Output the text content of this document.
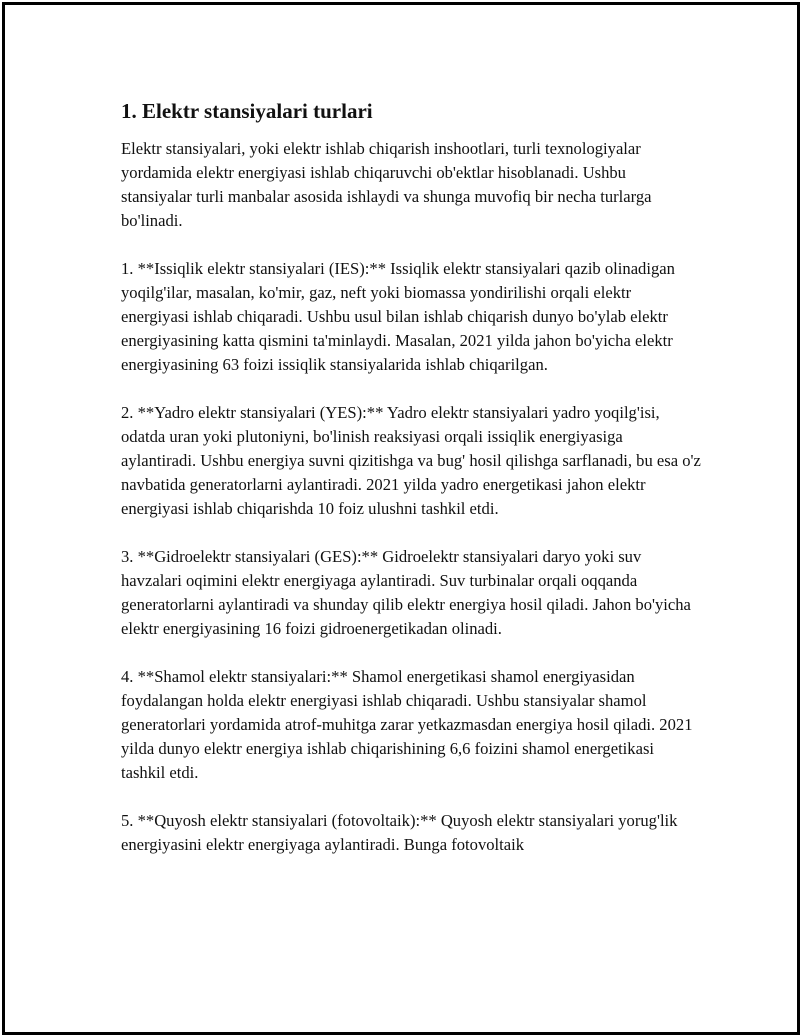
1. Elektr stansiyalari turlari

Elektr stansiyalari, yoki elektr ishlab chiqarish inshootlari, turli texnologiyalar yordamida elektr energiyasi ishlab chiqaruvchi ob'ektlar hisoblanadi. Ushbu stansiyalar turli manbalar asosida ishlaydi va shunga muvofiq bir necha turlarga bo'linadi.

1. **Issiqlik elektr stansiyalari (IES):** Issiqlik elektr stansiyalari qazib olinadigan yoqilg'ilar, masalan, ko'mir, gaz, neft yoki biomassa yondirilishi orqali elektr energiyasi ishlab chiqaradi. Ushbu usul bilan ishlab chiqarish dunyo bo'ylab elektr energiyasining katta qismini ta'minlaydi. Masalan, 2021 yilda jahon bo'yicha elektr energiyasining 63 foizi issiqlik stansiyalarida ishlab chiqarilgan.

2. **Yadro elektr stansiyalari (YES):** Yadro elektr stansiyalari yadro yoqilg'isi, odatda uran yoki plutoniyni, bo'linish reaksiyasi orqali issiqlik energiyasiga aylantiradi. Ushbu energiya suvni qizitishga va bug' hosil qilishga sarflanadi, bu esa o'z navbatida generatorlarni aylantiradi. 2021 yilda yadro energetikasi jahon elektr energiyasi ishlab chiqarishda 10 foiz ulushni tashkil etdi.

3. **Gidroelektr stansiyalari (GES):** Gidroelektr stansiyalari daryo yoki suv havzalari oqimini elektr energiyaga aylantiradi. Suv turbinalar orqali oqqanda generatorlarni aylantiradi va shunday qilib elektr energiya hosil qiladi. Jahon bo'yicha elektr energiyasining 16 foizi gidroenergetikadan olinadi.

4. **Shamol elektr stansiyalari:** Shamol energetikasi shamol energiyasidan foydalangan holda elektr energiyasi ishlab chiqaradi. Ushbu stansiyalar shamol generatorlari yordamida atrof-muhitga zarar yetkazmasdan energiya hosil qiladi. 2021 yilda dunyo elektr energiya ishlab chiqarishining 6,6 foizini shamol energetikasi tashkil etdi.

5. **Quyosh elektr stansiyalari (fotovoltaik):** Quyosh elektr stansiyalari yorug'lik energiyasini elektr energiyaga aylantiradi. Bunga fotovoltaik
